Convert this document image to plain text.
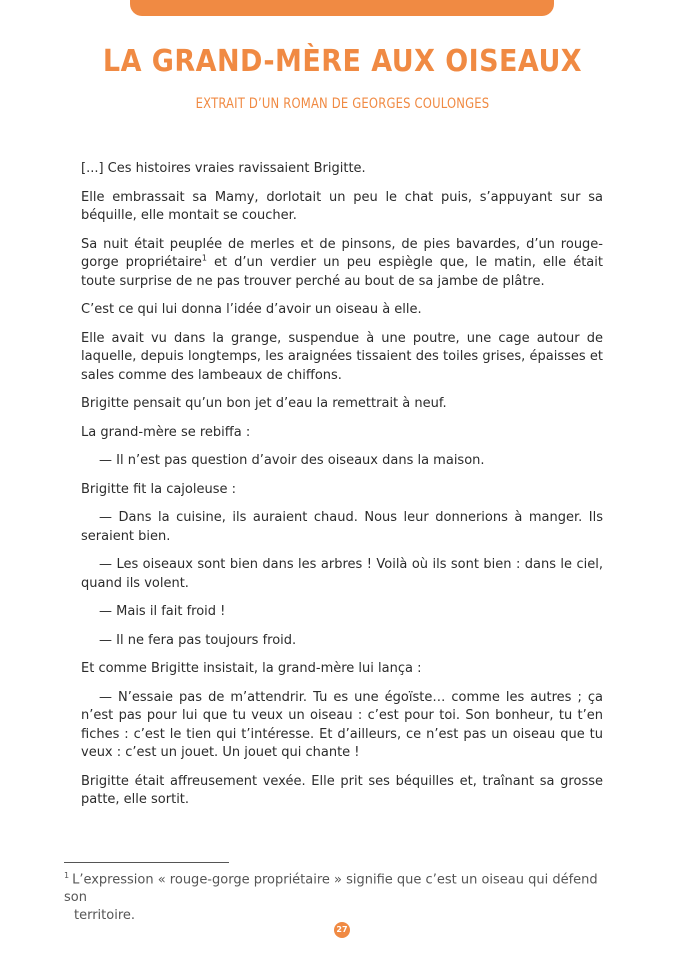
LA GRAND-MÈRE AUX OISEAUX
EXTRAIT D’UN ROMAN DE GEORGES COULONGES

[...] Ces histoires vraies ravissaient Brigitte.

Elle embrassait sa Mamy, dorlotait un peu le chat puis, s’appuyant sur sa béquille, elle montait se coucher.

Sa nuit était peuplée de merles et de pinsons, de pies bavardes, d’un rouge-gorge propriétaire$^1$ et d’un verdier un peu espiègle que, le matin, elle était toute surprise de ne pas trouver perché au bout de sa jambe de plâtre.

C’est ce qui lui donna l’idée d’avoir un oiseau à elle.

Elle avait vu dans la grange, suspendue à une poutre, une cage autour de laquelle, depuis longtemps, les araignées tissaient des toiles grises, épaisses et sales comme des lambeaux de chiffons.

Brigitte pensait qu’un bon jet d’eau la remettrait à neuf.

La grand-mère se rebiffa :

— Il n’est pas question d’avoir des oiseaux dans la maison.

Brigitte fit la cajoleuse :

— Dans la cuisine, ils auraient chaud. Nous leur donnerions à manger. Ils seraient bien.

— Les oiseaux sont bien dans les arbres ! Voilà où ils sont bien : dans le ciel, quand ils volent.

— Mais il fait froid !

— Il ne fera pas toujours froid.

Et comme Brigitte insistait, la grand-mère lui lança :

— N’essaie pas de m’attendrir. Tu es une égoïste… comme les autres ; ça n’est pas pour lui que tu veux un oiseau : c’est pour toi. Son bonheur, tu t’en fiches : c’est le tien qui t’intéresse. Et d’ailleurs, ce n’est pas un oiseau que tu veux : c’est un jouet. Un jouet qui chante !

Brigitte était affreusement vexée. Elle prit ses béquilles et, traînant sa grosse patte, elle sortit.

$^1$ L’expression « rouge-gorge propriétaire » signifie que c’est un oiseau qui défend son
territoire.
27
